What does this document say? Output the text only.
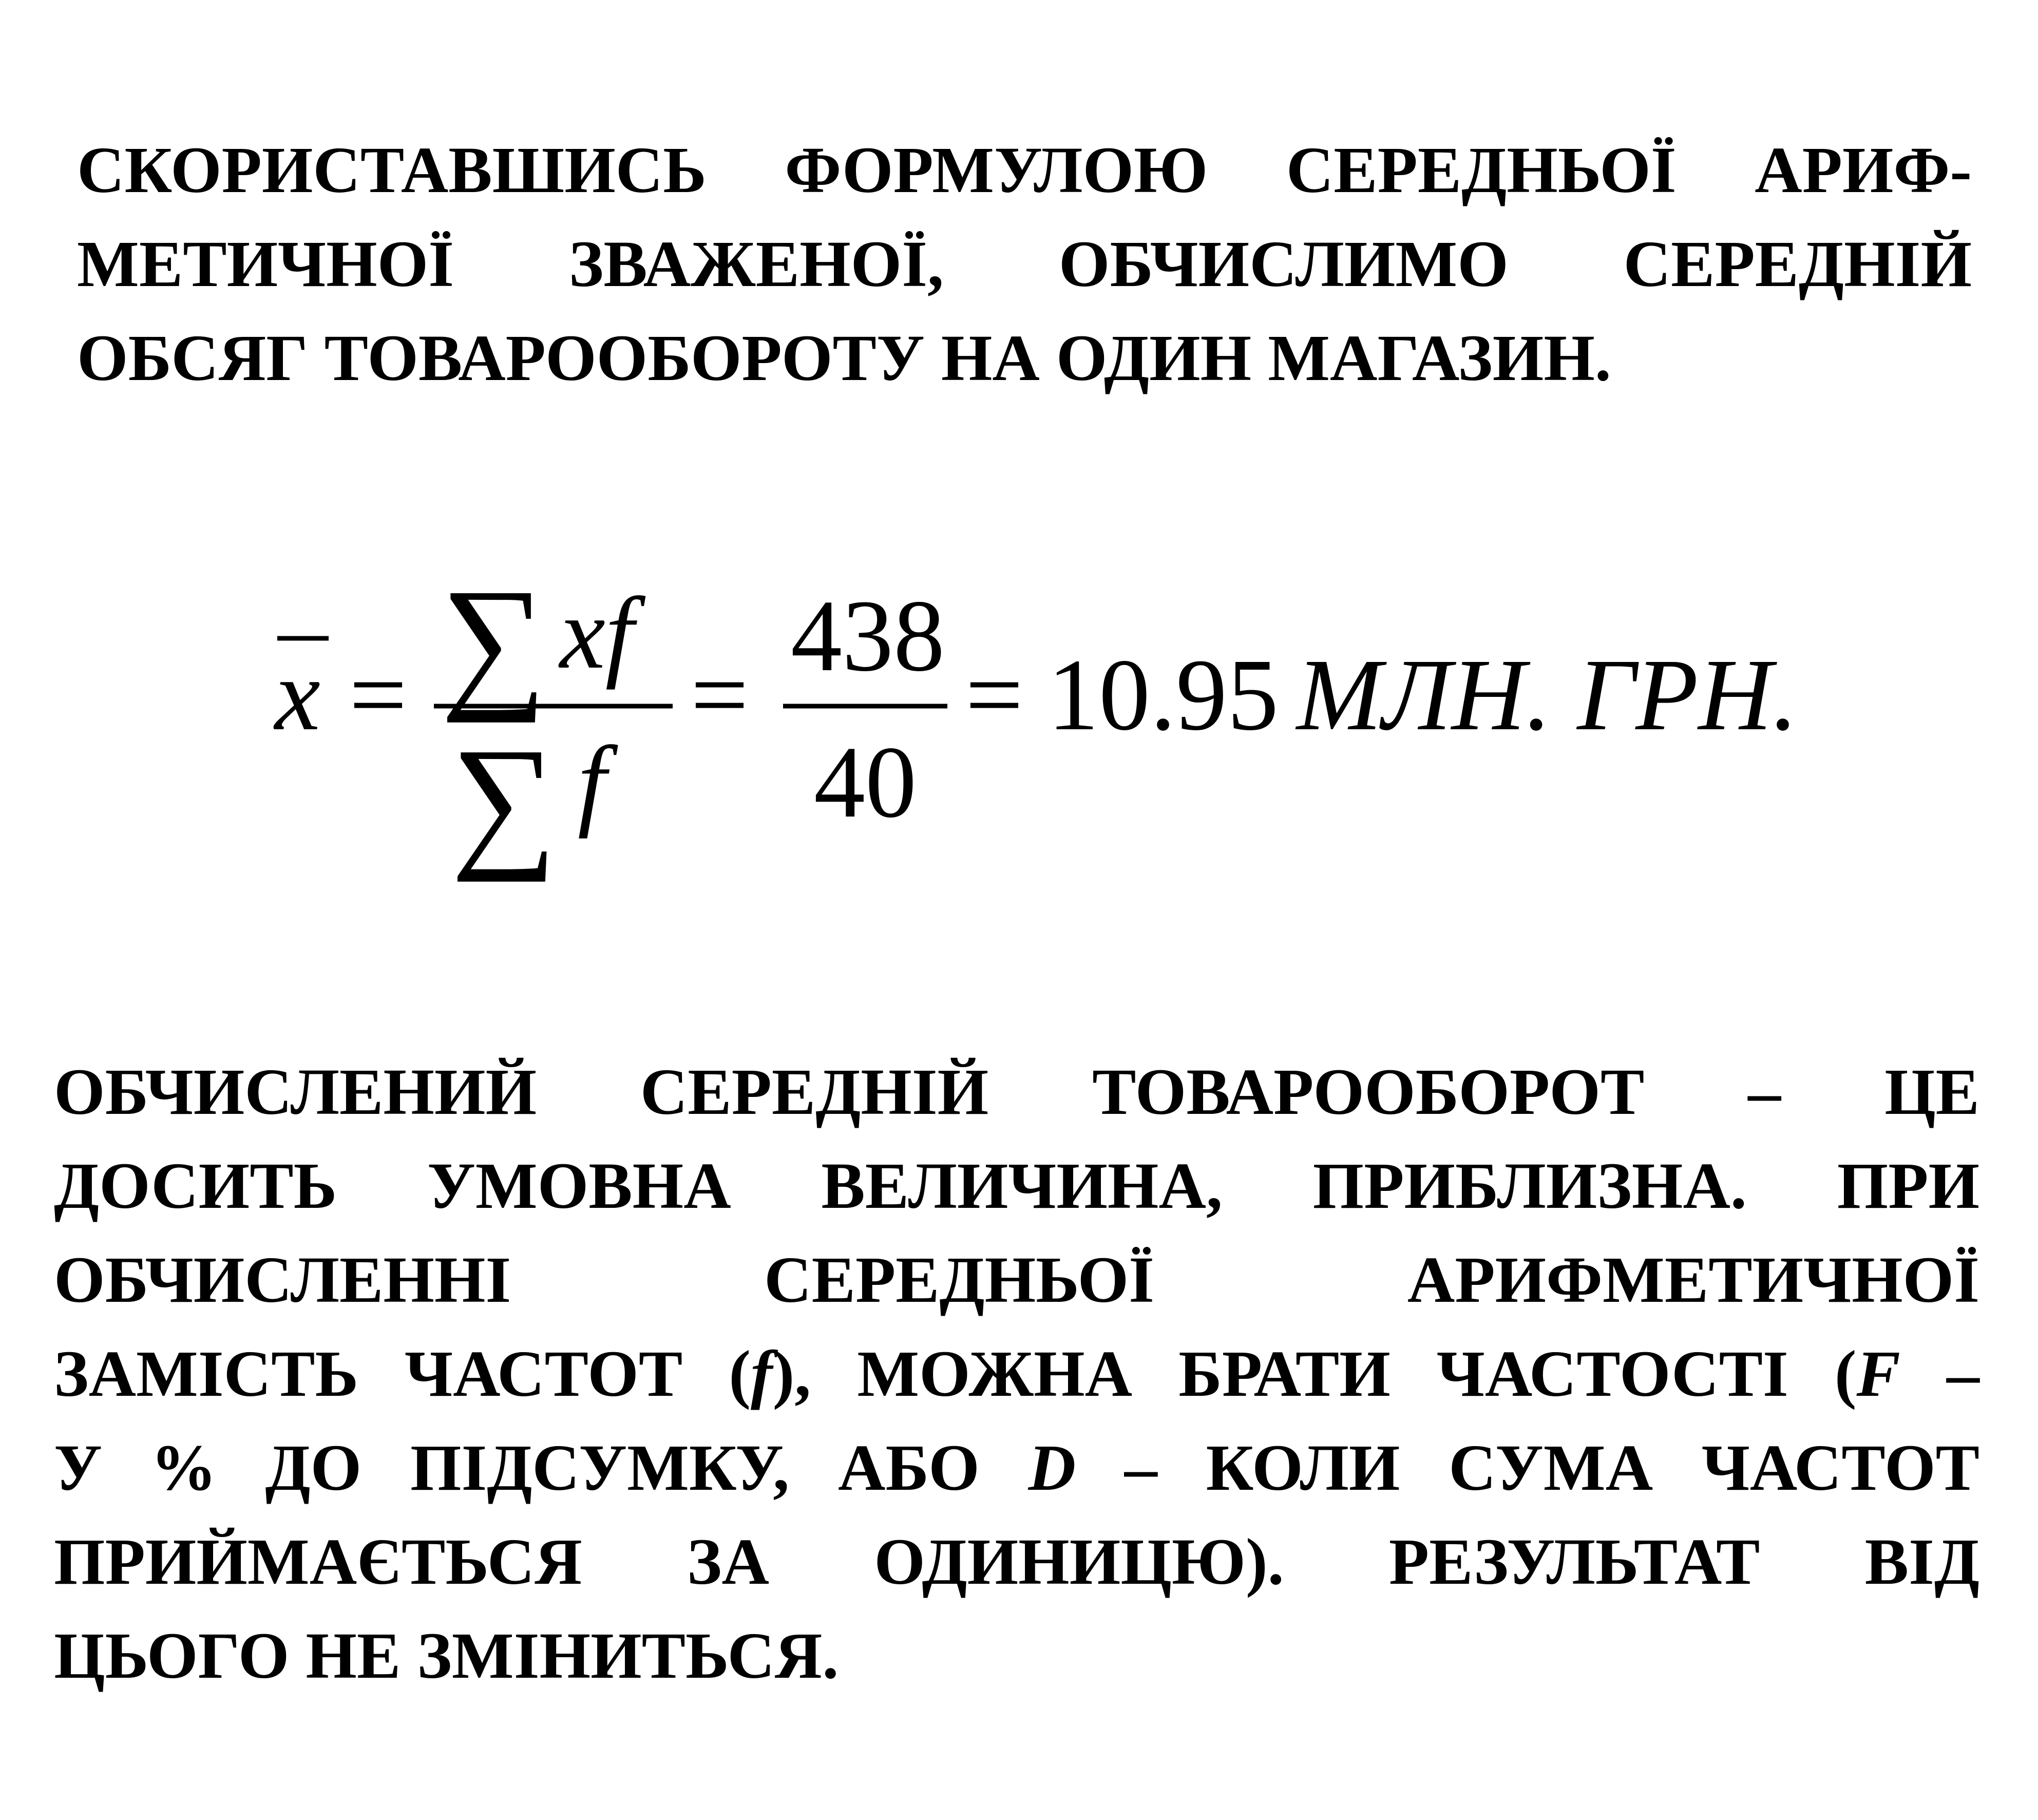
СКОРИСТАВШИСЬ ФОРМУЛОЮ СЕРЕДНЬОЇ АРИФ-
МЕТИЧНОЇ ЗВАЖЕНОЇ, ОБЧИСЛИМО СЕРЕДНІЙ
ОБСЯГ ТОВАРООБОРОТУ НА ОДИН МАГАЗИН.
x = ∑ xf
∑ f
=
438
40
= 10.95 МЛН. ГРН.
ОБЧИСЛЕНИЙ СЕРЕДНІЙ ТОВАРООБОРОТ – ЦЕ
ДОСИТЬ УМОВНА ВЕЛИЧИНА, ПРИБЛИЗНА. ПРИ
ОБЧИСЛЕННІ СЕРЕДНЬОЇ АРИФМЕТИЧНОЇ
ЗАМІСТЬ ЧАСТОТ (f), МОЖНА БРАТИ ЧАСТОСТІ (F –
У % ДО ПІДСУМКУ, АБО D – КОЛИ СУМА ЧАСТОТ
ПРИЙМАЄТЬСЯ ЗА ОДИНИЦЮ). РЕЗУЛЬТАТ ВІД
ЦЬОГО НЕ ЗМІНИТЬСЯ.
